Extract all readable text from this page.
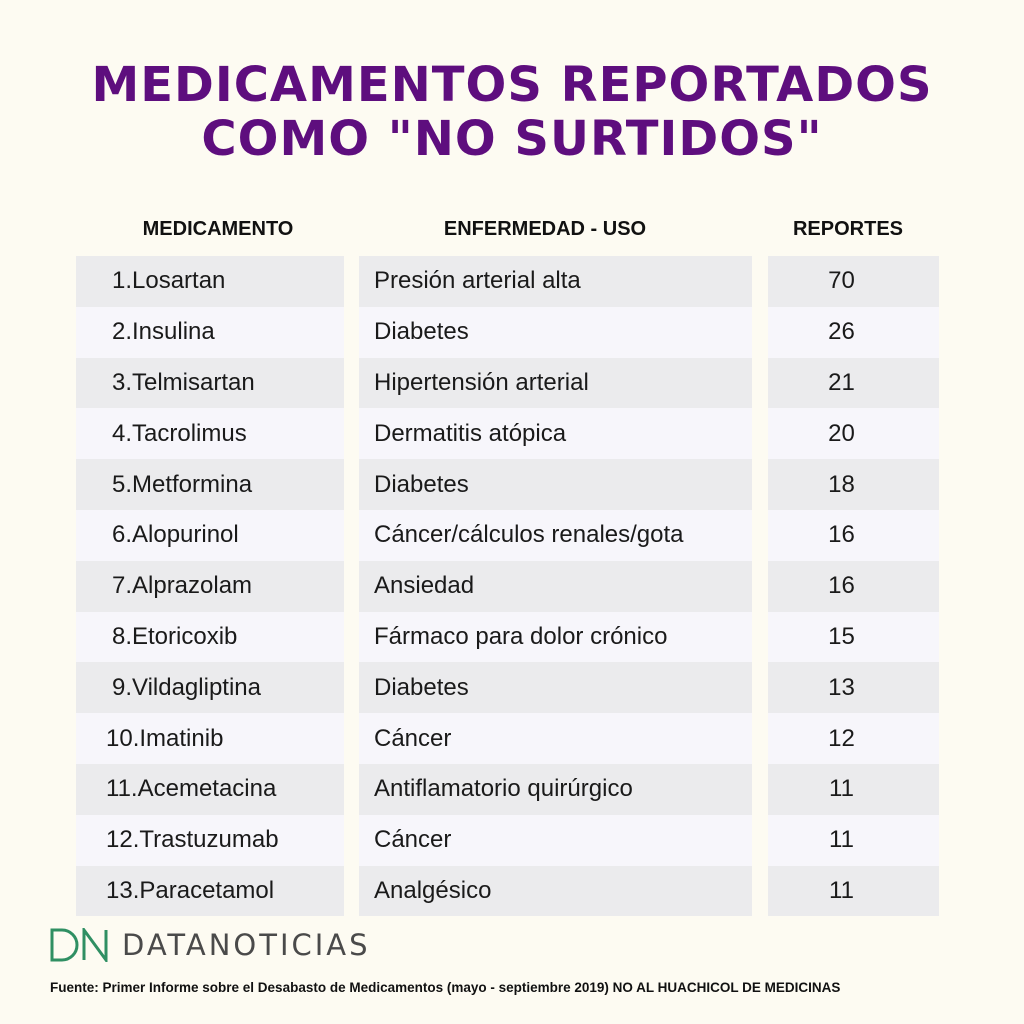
MEDICAMENTOS REPORTADOS
COMO "NO SURTIDOS"
MEDICAMENTO	ENFERMEDAD - USO	REPORTES
1. Losartan
2. Insulina
3. Telmisartan
4. Tacrolimus
5. Metformina
6. Alopurinol
7. Alprazolam
8. Etoricoxib
9. Vildagliptina
10. Imatinib
11. Acemetacina
12. Trastuzumab
13. Paracetamol
Presión arterial alta
Diabetes
Hipertensión arterial
Dermatitis atópica
Diabetes
Cáncer/cálculos renales/gota
Ansiedad
Fármaco para dolor crónico
Diabetes
Cáncer
Antiflamatorio quirúrgico
Cáncer
Analgésico
70
26
21
20
18
16
16
15
13
12
11
11
11
DATANOTICIAS
Fuente: Primer Informe sobre el Desabasto de Medicamentos (mayo - septiembre 2019) NO AL HUACHICOL DE MEDICINAS
